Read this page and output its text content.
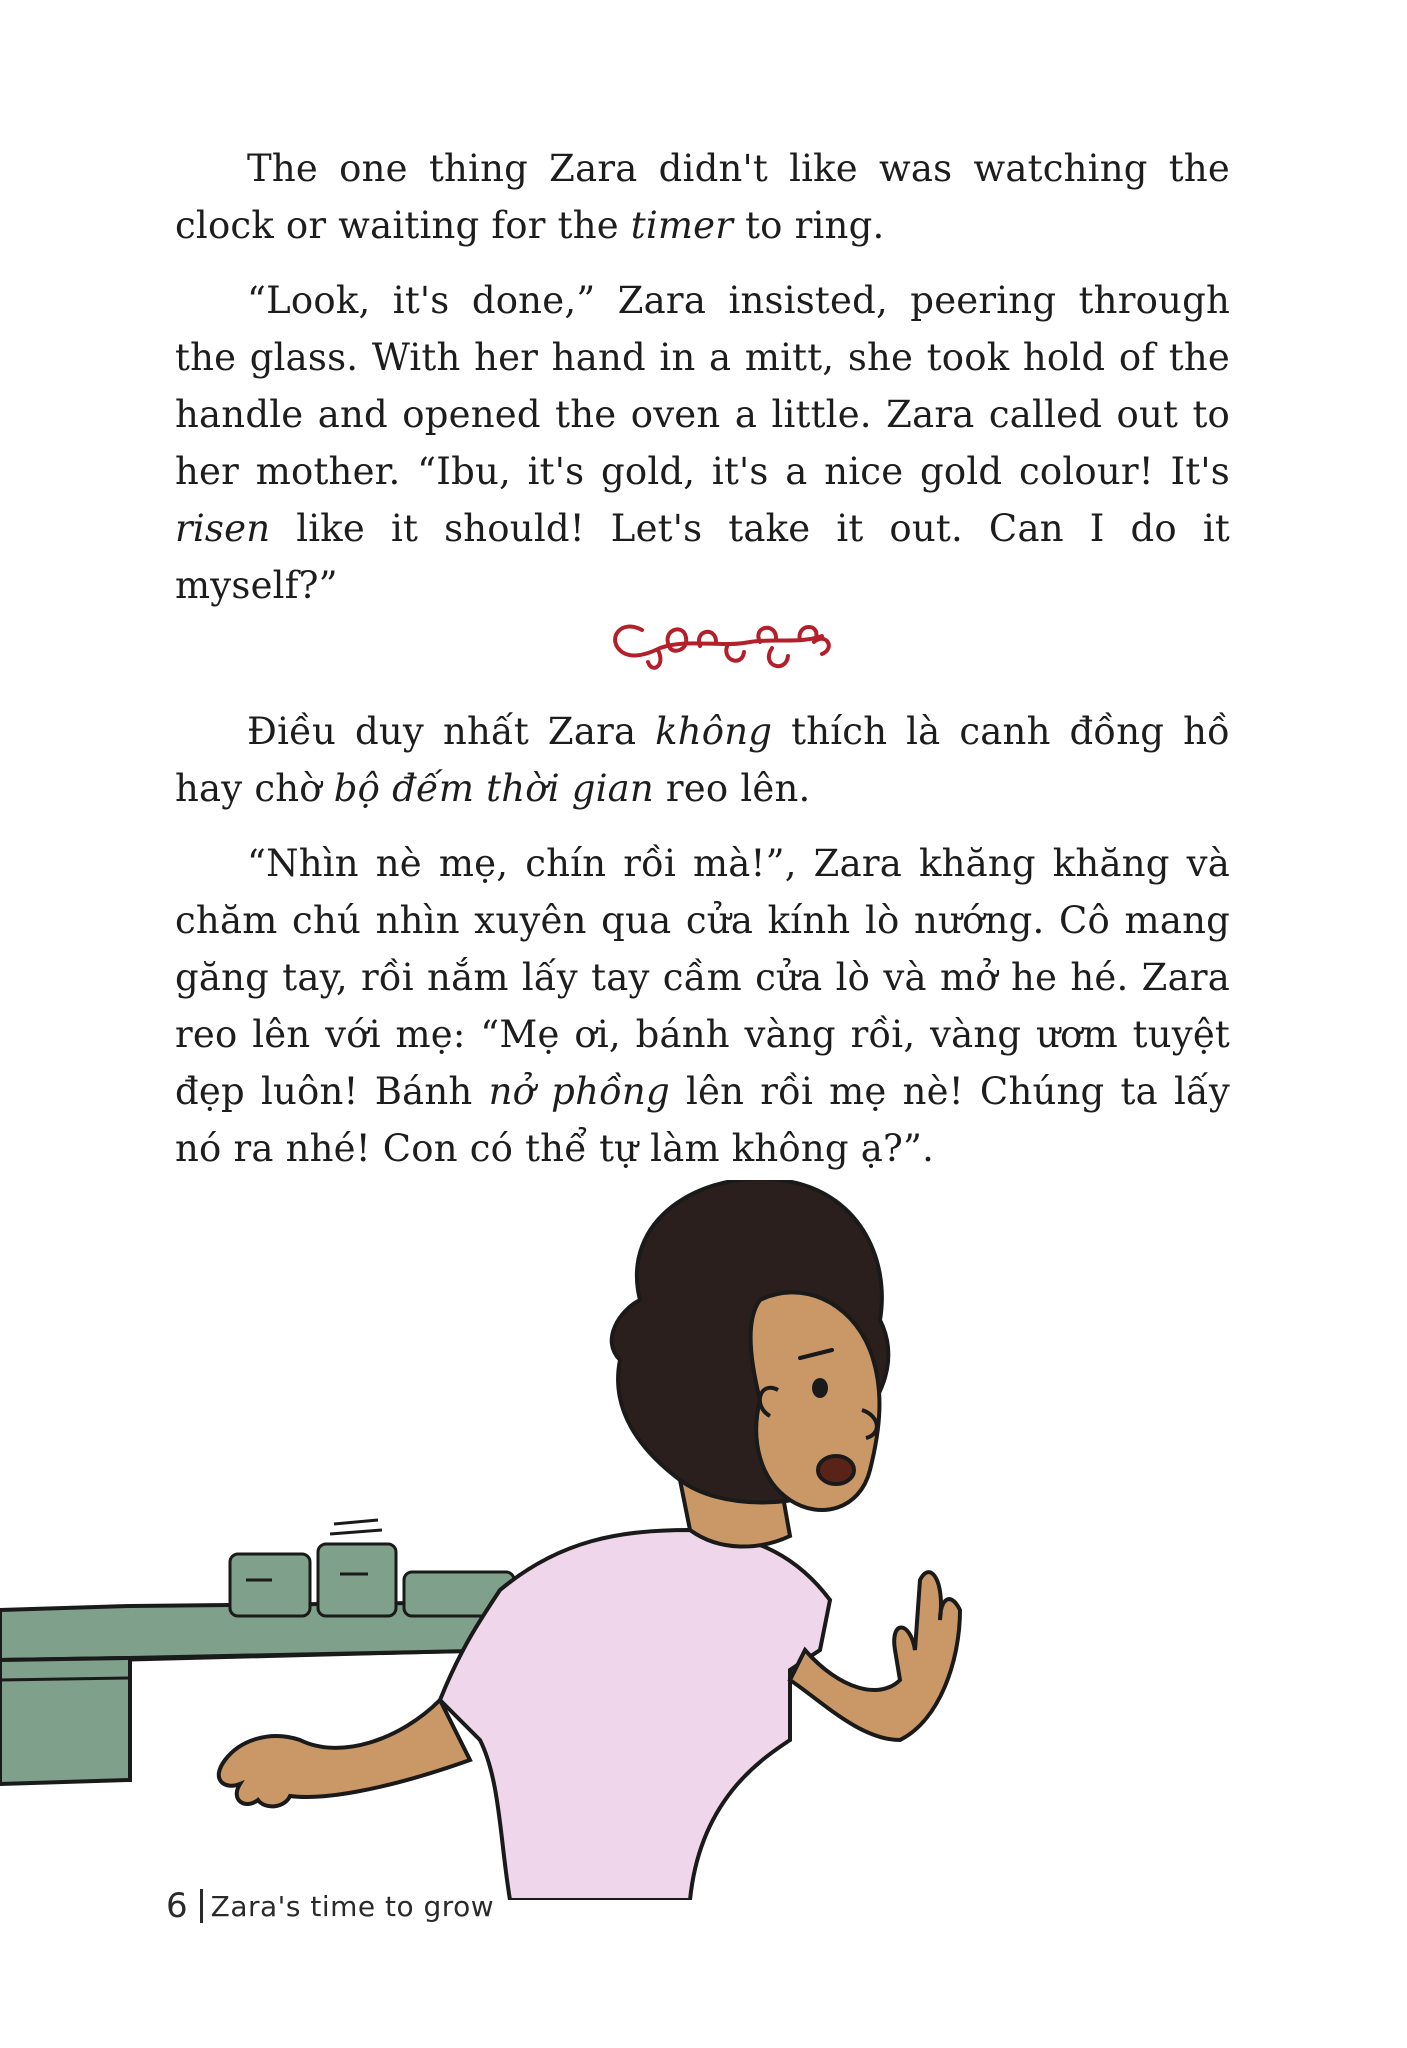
The one thing Zara didn't like was watching the clock or waiting for the timer to ring.

“Look, it's done,” Zara insisted, peering through the glass. With her hand in a mitt, she took hold of the handle and opened the oven a little. Zara called out to her mother. “Ibu, it's gold, it's a nice gold colour! It's risen like it should! Let's take it out. Can I do it myself?”

Điều duy nhất Zara không thích là canh đồng hồ hay chờ bộ đếm thời gian reo lên.

“Nhìn nè mẹ, chín rồi mà!”, Zara khăng khăng và chăm chú nhìn xuyên qua cửa kính lò nướng. Cô mang găng tay, rồi nắm lấy tay cầm cửa lò và mở he hé. Zara reo lên với mẹ: “Mẹ ơi, bánh vàng rồi, vàng ươm tuyệt đẹp luôn! Bánh nở phồng lên rồi mẹ nè! Chúng ta lấy nó ra nhé! Con có thể tự làm không ạ?”.

6 Zara's time to grow
